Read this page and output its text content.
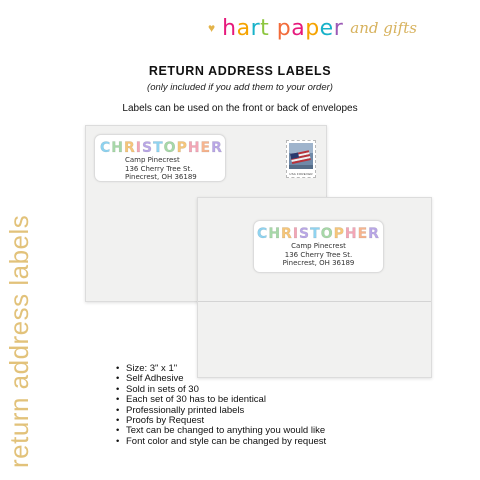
♥ hart paper and gifts
RETURN ADDRESS LABELS
(only included if you add them to your order)
Labels can be used on the front or back of envelopes
return address labels
CHRISTOPHER
Camp Pinecrest
136 Cherry Tree St.
Pinecrest, OH 36189	USA FOREVER
CHRISTOPHER
Camp Pinecrest
136 Cherry Tree St.
Pinecrest, OH 36189
• Size: 3" x 1"
• Self Adhesive
• Sold in sets of 30
• Each set of 30 has to be identical
• Professionally printed labels
• Proofs by Request
• Text can be changed to anything you would like
• Font color and style can be changed by request
